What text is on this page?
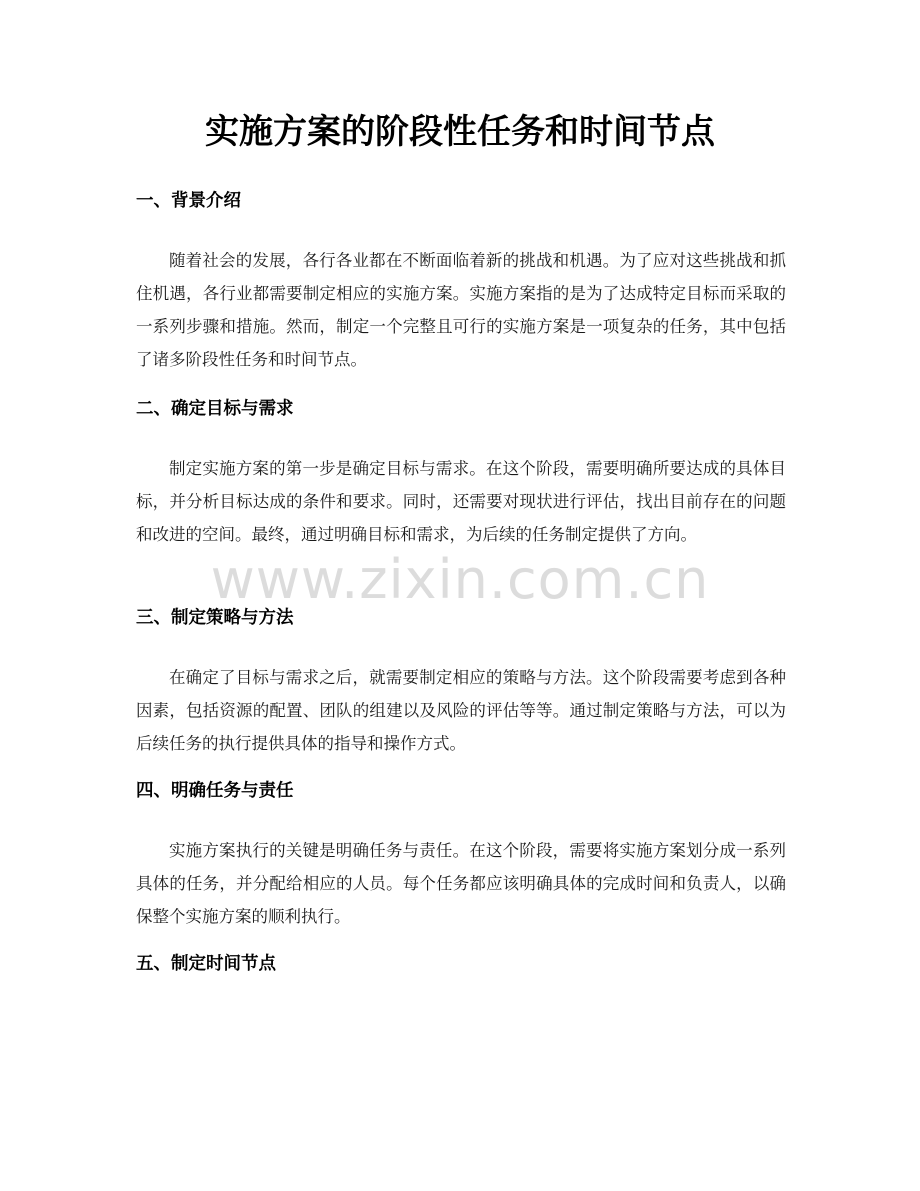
实施方案的阶段性任务和时间节点
一、背景介绍

随着社会的发展，各行各业都在不断面临着新的挑战和机遇。为了应对这些挑战和抓住机遇，各行业都需要制定相应的实施方案。实施方案指的是为了达成特定目标而采取的一系列步骤和措施。然而，制定一个完整且可行的实施方案是一项复杂的任务，其中包括了诸多阶段性任务和时间节点。

二、确定目标与需求

制定实施方案的第一步是确定目标与需求。在这个阶段，需要明确所要达成的具体目标，并分析目标达成的条件和要求。同时，还需要对现状进行评估，找出目前存在的问题和改进的空间。最终，通过明确目标和需求，为后续的任务制定提供了方向。

三、制定策略与方法

在确定了目标与需求之后，就需要制定相应的策略与方法。这个阶段需要考虑到各种因素，包括资源的配置、团队的组建以及风险的评估等等。通过制定策略与方法，可以为后续任务的执行提供具体的指导和操作方式。

四、明确任务与责任

实施方案执行的关键是明确任务与责任。在这个阶段，需要将实施方案划分成一系列具体的任务，并分配给相应的人员。每个任务都应该明确具体的完成时间和负责人，以确保整个实施方案的顺利执行。

五、制定时间节点
www.zixin.com.cn
